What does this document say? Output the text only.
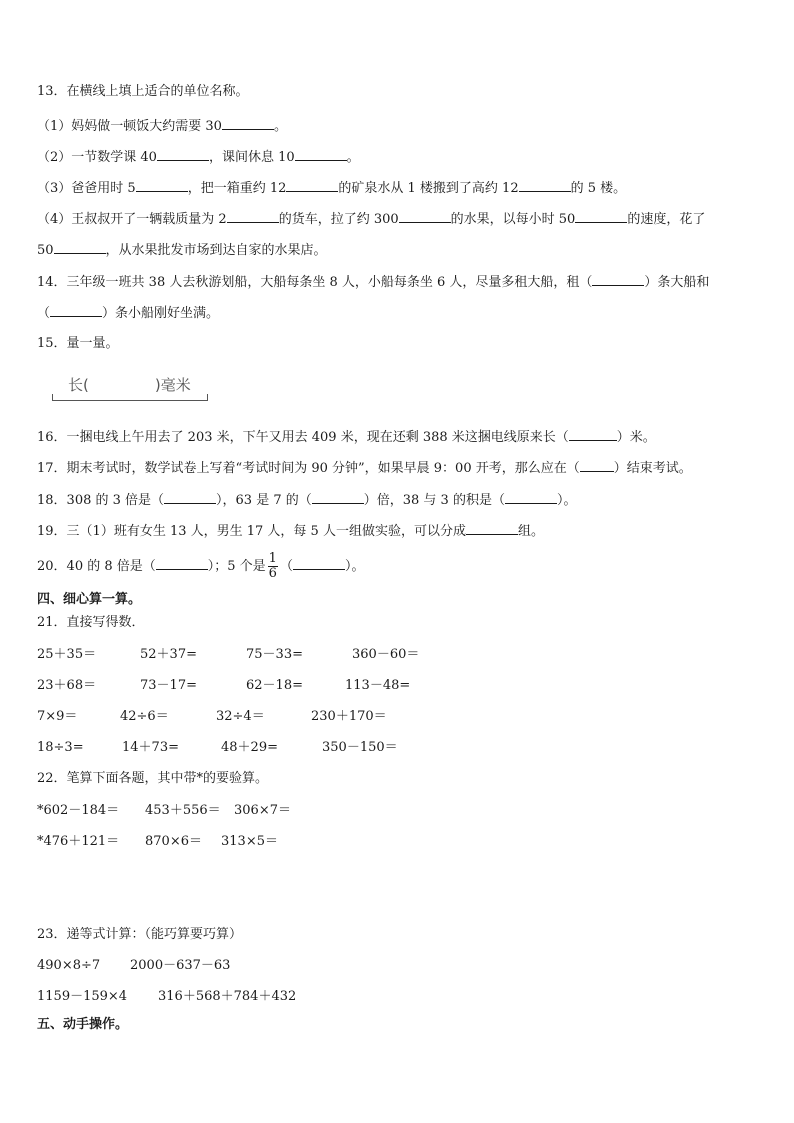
13．在横线上填上适合的单位名称。
（1）妈妈做一顿饭大约需要 30	。
（2）一节数学课 40	，课间休息 10	。
（3）爸爸用时 5	，把一箱重约 12	的矿泉水从 1 楼搬到了高约 12	的 5 楼。
（4）王叔叔开了一辆载质量为 2	的货车，拉了约 300	的水果，以每小时 50	的速度，花了
50	，从水果批发市场到达自家的水果店。
14．三年级一班共 38 人去秋游划船，大船每条坐 8 人，小船每条坐 6 人，尽量多租大船，租（	）条大船和
（	）条小船刚好坐满。
15．量一量。
长(	)毫米
16．一捆电线上午用去了 203 米，下午又用去 409 米，现在还剩 388 米这捆电线原来长（	）米。
17．期末考试时，数学试卷上写着“考试时间为 90 分钟”，如果早晨 9：00 开考，那么应在（	）结束考试。
18．308 的 3 倍是（	），63 是 7 的（	）倍，38 与 3 的积是（	）。
19．三（1）班有女生 13 人，男生 17 人，每 5 人一组做实验，可以分成	组。
20．40 的 8 倍是（	）；5 个是 $\frac{1}{6}$ （	）。
四、细心算一算。
21．直接写得数．
25＋35＝	52＋37=	75－33=	360－60＝
23＋68＝	73－17=	62－18=	113－48=
7×9＝	42÷6＝	32÷4＝	230＋170＝
18÷3=	14＋73=	48＋29=	350－150＝
22．笔算下面各题，其中带*的要验算。
*602－184＝ 453＋556＝ 306×7＝
*476＋121＝ 870×6＝ 313×5＝
23．递等式计算：（能巧算要巧算）
490×8÷7 2000－637－63
1159－159×4 316＋568＋784＋432
五、动手操作。
